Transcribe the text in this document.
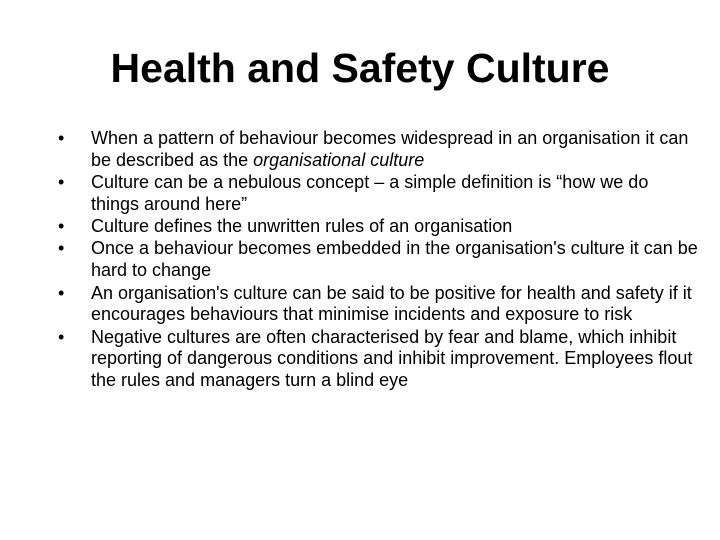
Health and Safety Culture
•	When a pattern of behaviour becomes widespread in an organisation it can be described as the organisational culture
•	Culture can be a nebulous concept – a simple definition is “how we do things around here”
•	Culture defines the unwritten rules of an organisation
•	Once a behaviour becomes embedded in the organisation's culture it can be hard to change
•	An organisation's culture can be said to be positive for health and safety if it encourages behaviours that minimise incidents and exposure to risk
•	Negative cultures are often characterised by fear and blame, which inhibit reporting of dangerous conditions and inhibit improvement. Employees flout the rules and managers turn a blind eye
